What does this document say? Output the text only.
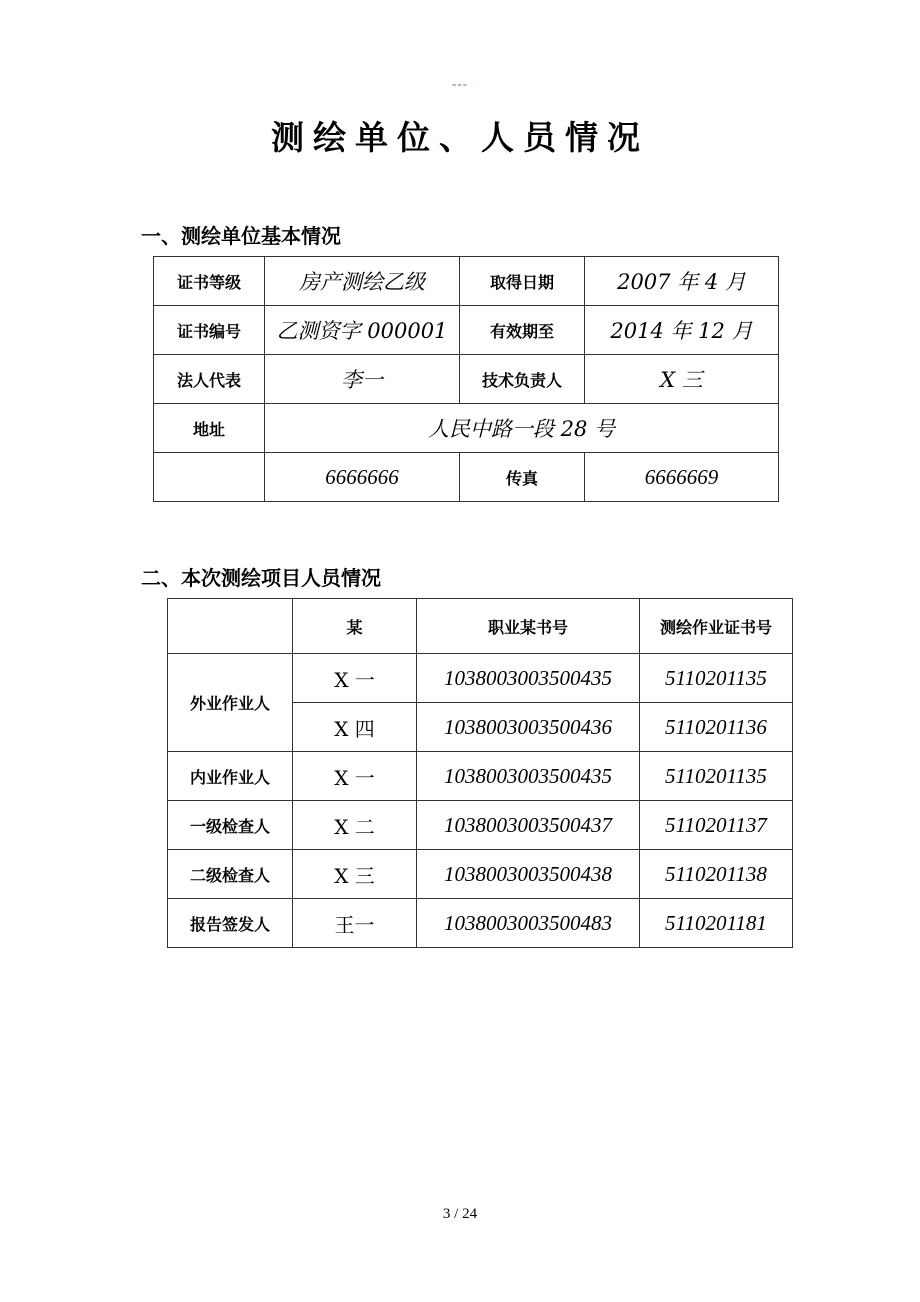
---
测绘单位、人员情况
一、测绘单位基本情况
证书等级	房产测绘乙级	取得日期	2007 年 4 月
证书编号	乙测资字 000001	有效期至	2014 年 12 月
法人代表	李一	技术负责人	X 三
地址	人民中路一段 28 号		
	6666666	传真	6666669
二、本次测绘项目人员情况
	某	职业某书号	测绘作业证书号
外业作业人	X 一	1038003003500435	5110201135
	X 四	1038003003500436	5110201136
内业作业人	X 一	1038003003500435	5110201135
一级检查人	X 二	1038003003500437	5110201137
二级检查人	X 三	1038003003500438	5110201138
报告签发人	王一	1038003003500483	5110201181
3 / 24
